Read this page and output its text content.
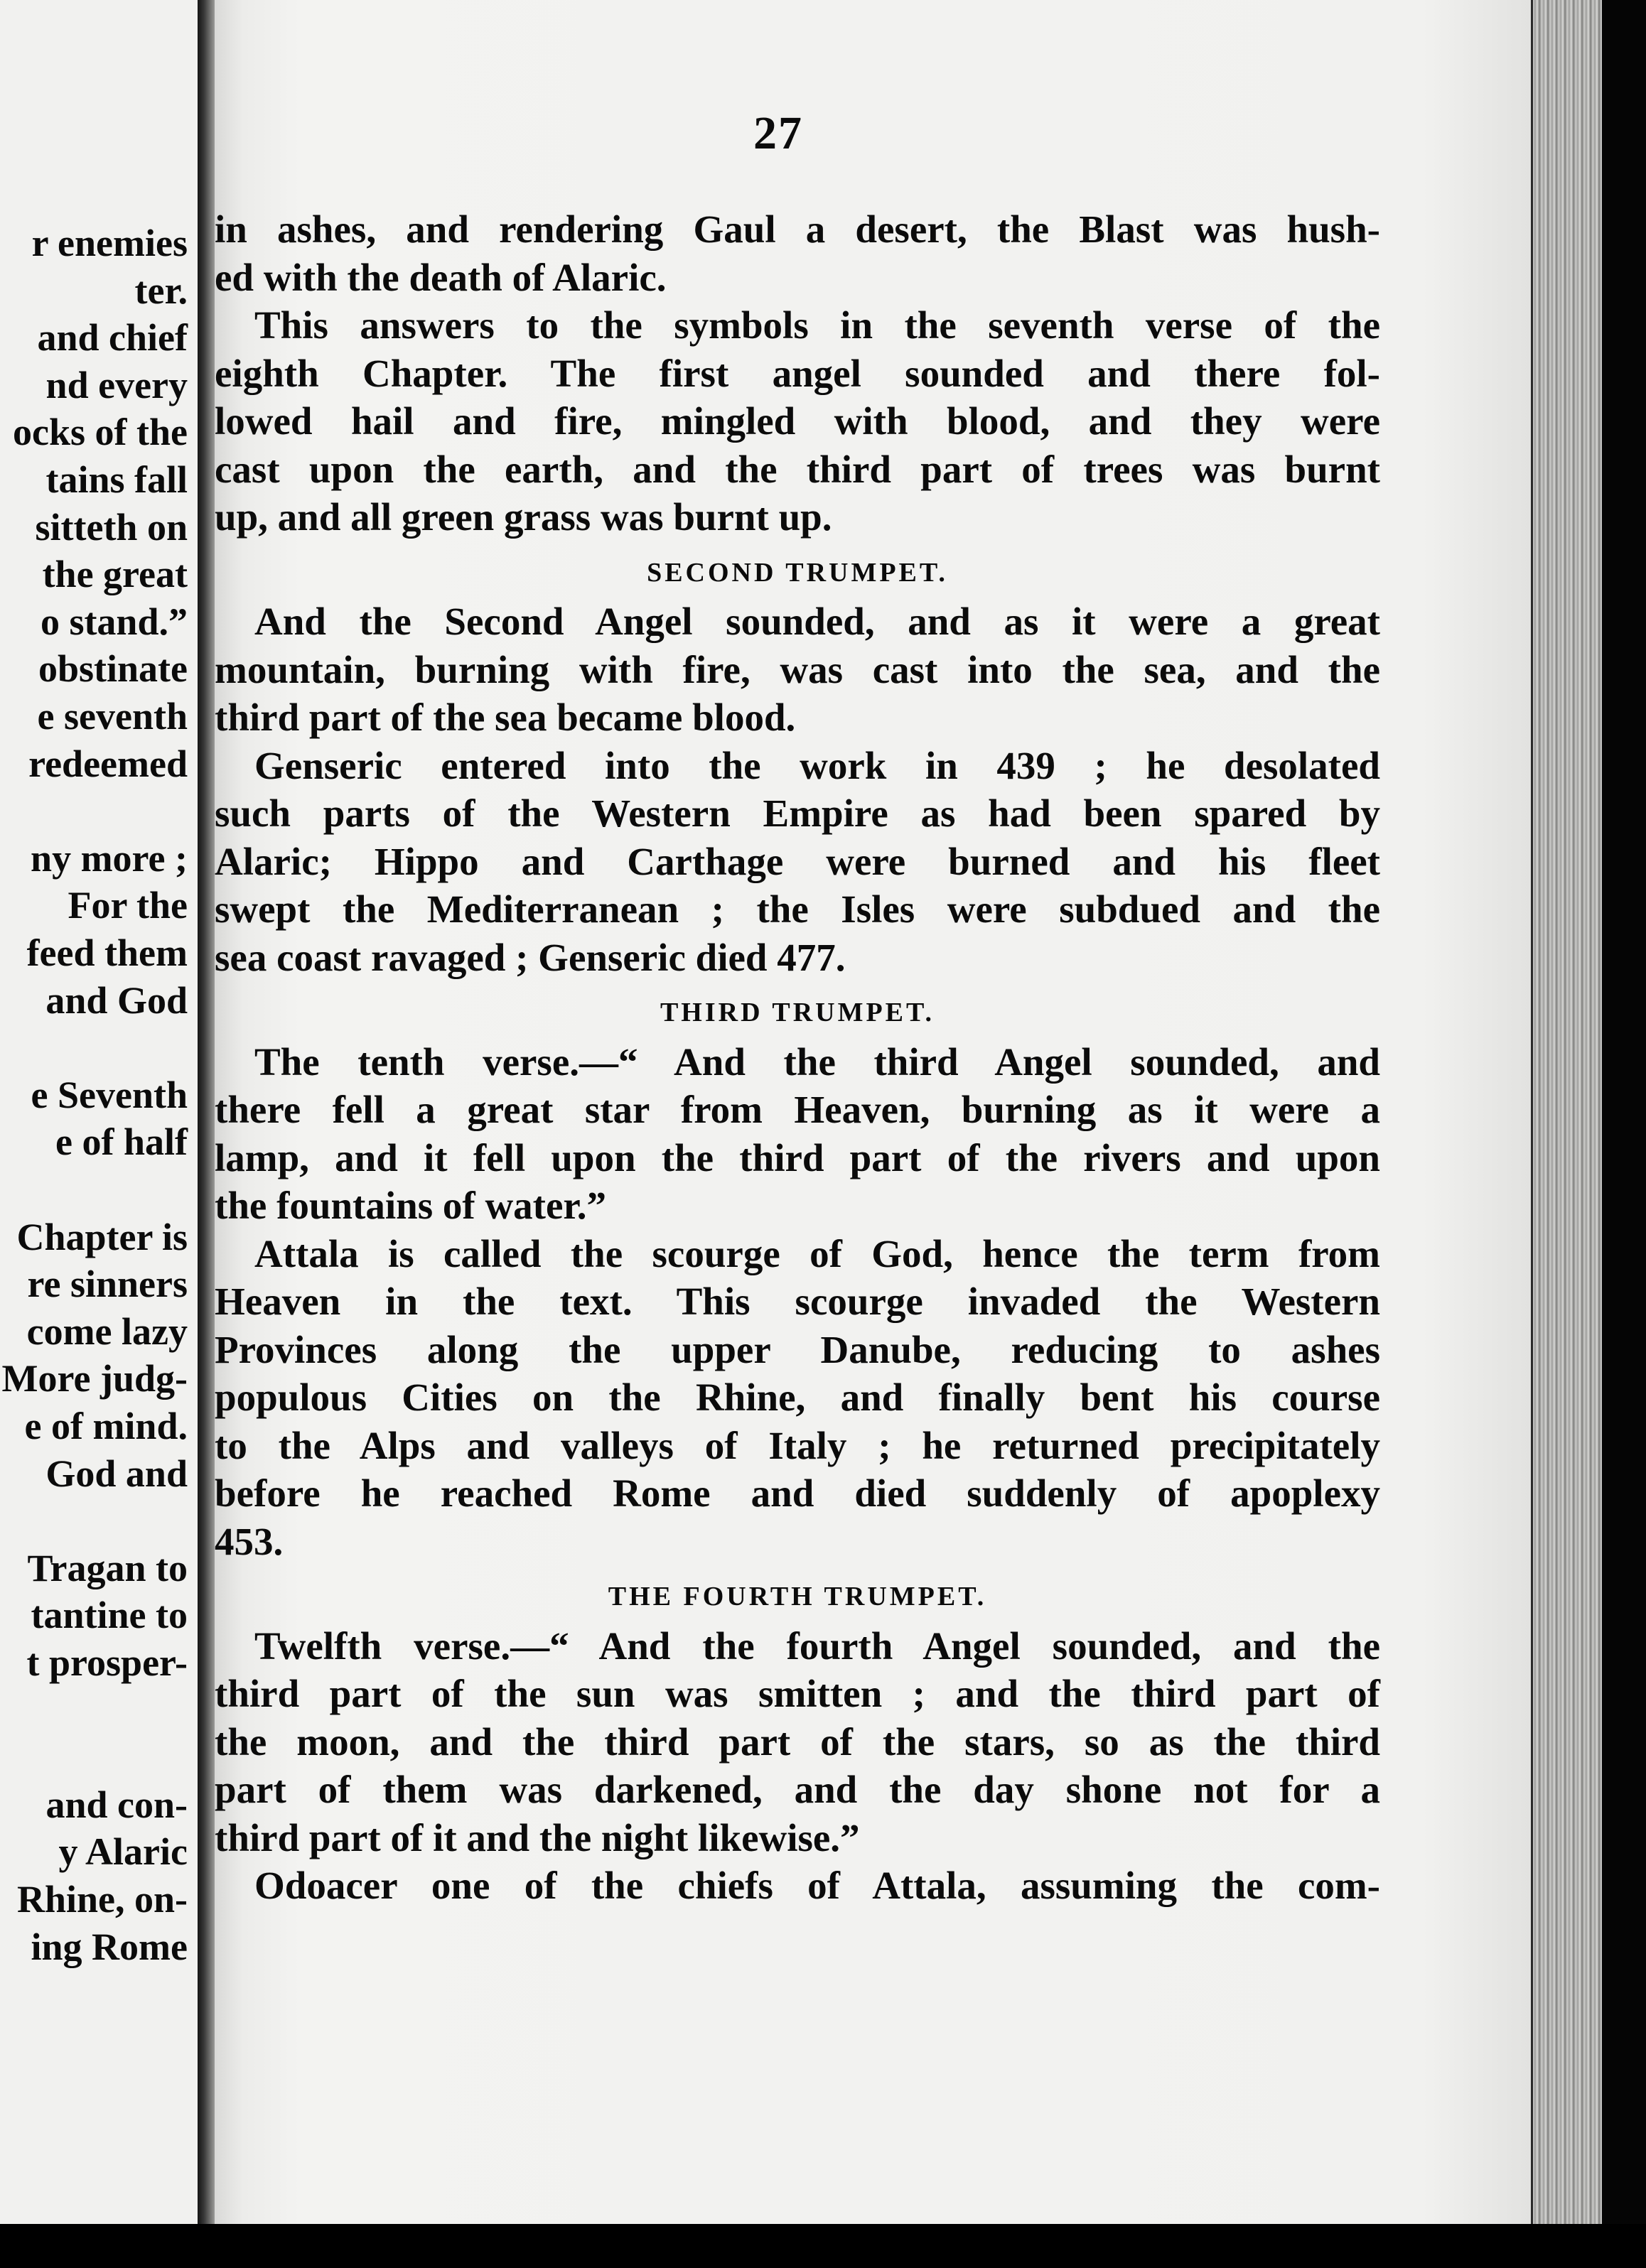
r enemies
ter.
and chief
nd every
ocks of the
tains fall
sitteth on
the great
o stand.”
obstinate
e seventh
redeemed
ny more ;
For the
feed them
and God
e Seventh
e of half
Chapter is
re sinners
come lazy
More judg-
e of mind.
God and
Tragan to
tantine to
t prosper-
and con-
y Alaric
Rhine, on-
ing Rome
27
in ashes, and rendering Gaul a desert, the Blast was hush-
ed with the death of Alaric.
This answers to the symbols in the seventh verse of the
eighth Chapter. The first angel sounded and there fol-
lowed hail and fire, mingled with blood, and they were
cast upon the earth, and the third part of trees was burnt
up, and all green grass was burnt up.
SECOND TRUMPET.
And the Second Angel sounded, and as it were a great
mountain, burning with fire, was cast into the sea, and the
third part of the sea became blood.
Genseric entered into the work in 439 ; he desolated
such parts of the Western Empire as had been spared by
Alaric; Hippo and Carthage were burned and his fleet
swept the Mediterranean ; the Isles were subdued and the
sea coast ravaged ; Genseric died 477.
THIRD TRUMPET.
The tenth verse.—“ And the third Angel sounded, and
there fell a great star from Heaven, burning as it were a
lamp, and it fell upon the third part of the rivers and upon
the fountains of water.”
Attala is called the scourge of God, hence the term from
Heaven in the text. This scourge invaded the Western
Provinces along the upper Danube, reducing to ashes
populous Cities on the Rhine, and finally bent his course
to the Alps and valleys of Italy ; he returned precipitately
before he reached Rome and died suddenly of apoplexy
453.
THE FOURTH TRUMPET.
Twelfth verse.—“ And the fourth Angel sounded, and the
third part of the sun was smitten ; and the third part of
the moon, and the third part of the stars, so as the third
part of them was darkened, and the day shone not for a
third part of it and the night likewise.”
Odoacer one of the chiefs of Attala, assuming the com-
